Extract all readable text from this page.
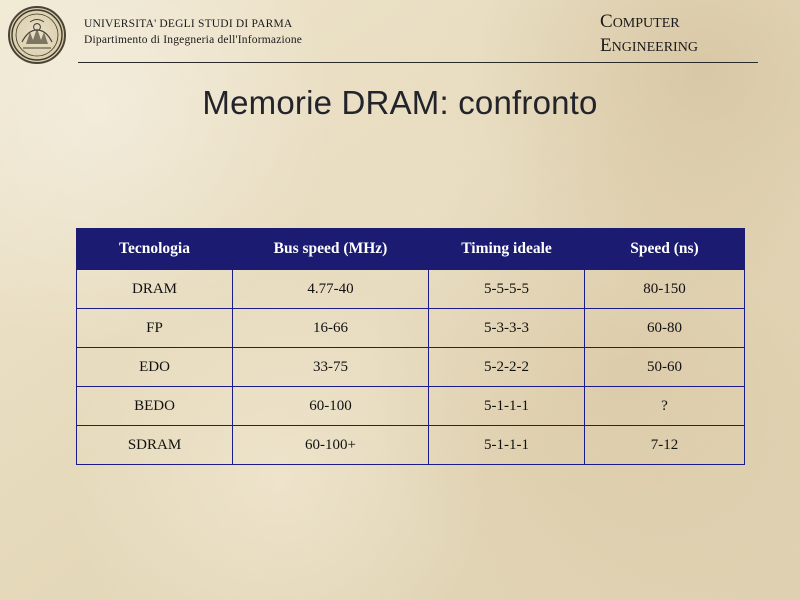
UNIVERSITA' DEGLI STUDI DI PARMA
Dipartimento di Ingegneria dell'Informazione
COMPUTER
ENGINEERING
Memorie DRAM: confronto
Tecnologia	Bus speed (MHz)	Timing ideale	Speed (ns)
DRAM	4.77-40	5-5-5-5	80-150
FP	16-66	5-3-3-3	60-80
EDO	33-75	5-2-2-2	50-60
BEDO	60-100	5-1-1-1	?
SDRAM	60-100+	5-1-1-1	7-12
